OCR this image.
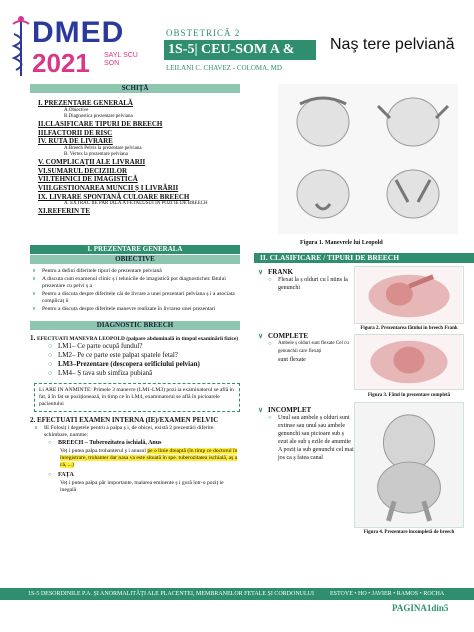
DMED
2021 SAYL SCU SON
OBSTETRICĂ 2
1S-5| CEU-SOM A &
LEILANI C. CHAVEZ - COLOMA, MD
Naş tere pelviană
SCHIȚĂ
I. PREZENTARE GENERALĂ
A.Obiective
B.Diagnostica prezentare pelviana
II.CLASIFICARE TIPURI DE BREECH
III.FACTORII DE RISC
IV. RUTA DE LIVRARE
A.Breech Pelvis la prezentare pelviana
B. Vertex la prezentare pelviana
V. COMPLICAȚII ALE LIVRARII
VI.SUMARUL DECIZIILOR
VII.TEHNICI DE IMAGISTICĂ
VIII.GESTIONAREA MUNCII Ș I LIVRĂRII
IX. LIVRARE SPONTANĂ CULOARE BREECH
A. EXTRAC IIE PAR IALĂ A FETALUSUI IN POZI IE DE BREECH
XI.REFERIN TE
I. PREZENTARE GENERALA
OBIECTIVE
∨	Pentru a defini diferitele tipuri de prezentare pelviană
∨	A discuta cum examenul clinic ș i tehnicile de imagistică pot diagnostichez fătului prezentare cu pelvi ș a
∨	Pentru a discuta despre diferitele căi de livrare a unei prezentari pelviana ș i a asociata complicaț ii
∨	Pentru a discuta despre diferitele manevre realizate în livrarea unei prezentari
DIAGNOSTIC BREECH
1. EFECTUATI MANEVRA LEOPOLD (palpare abdominală în timpul examinării fizice)
○ LM1– Ce parte ocupă fundul?
○ LM2– Pe ce parte este palpat spatele fetal?
○ LM3–Prezentare (descopera orificiului pelvian)
○ LM4– Ș tava sub simfiza pubiană
Li ARE IN ANMINTE: Primele 3 manevre (LM1-LM3) pozi ia examinatorul se află în fat, â în fat se poziționează, în timp ce în LM4, examinatorul se află în picioarele pacientului
2. EFECTUATI EXAMEN INTERNA (IE)/EXAMEN PELVIC
∨	IE Folosiț i degetele pentru a palpa ș i, de obicei, există 2 prezentări diferite. schimbare, numme:
○	BREECH – Tuberozitatea ischială, Anus
Veț i putea palpa trohanterul ș i anusul pe o linie dreaptă (în timp ce doctorul în înregistrare, trohanter dar nasa va este situată în spe. tuberozitatea ischială, aș a că, ...)
○	FAȚA
Veț i putea palpa păr importante, malarea eminente ș i gură într-o poziț ie inegală
Figura 1. Manevrele lui Leopold
II. CLASIFICARE / TIPURI DE BREECH
∨ FRANK
○	Flexat la ș olduri cu î ntins la genunchi
Figura 2. Prezentarea fătului în breech Frank
∨ COMPLETE
○	Ambele ș olduri sunt flexate Cel cu genunchii care flexați
sunt flexate
Figura 3. Fătul în prezentare completă
∨ INCOMPLET
○	Unul sau ambele ș olduri sunt extinse sau unul sau ambele genunchi sau picioare sub ș ezut ale sub ș ezile de anumite A poziț ia sub genunchi cel mai jos ca ș fatea canal
Figura 4. Prezentare incompletă de breech
1S-5 DESORDINILE P.A. ȘI ANORMALITĂȚI ALE PLACENTEI, MEMBRANELOR FETALE ȘI CORDONULUI	ESTOYE • HO • JAVIER • RAMOS • ROCHA
PAGINA1din5
